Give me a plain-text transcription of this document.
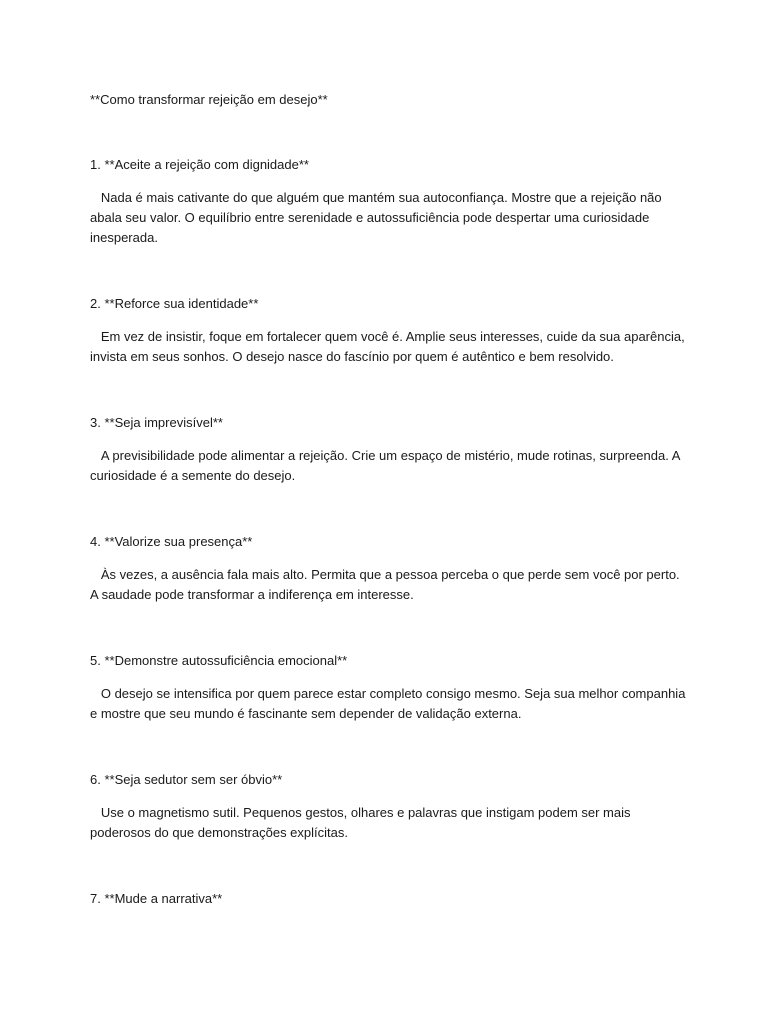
**Como transformar rejeição em desejo**

1. **Aceite a rejeição com dignidade**

Nada é mais cativante do que alguém que mantém sua autoconfiança. Mostre que a rejeição não abala seu valor. O equilíbrio entre serenidade e autossuficiência pode despertar uma curiosidade inesperada.

2. **Reforce sua identidade**

Em vez de insistir, foque em fortalecer quem você é. Amplie seus interesses, cuide da sua aparência, invista em seus sonhos. O desejo nasce do fascínio por quem é autêntico e bem resolvido.

3. **Seja imprevisível**

A previsibilidade pode alimentar a rejeição. Crie um espaço de mistério, mude rotinas, surpreenda. A curiosidade é a semente do desejo.

4. **Valorize sua presença**

Às vezes, a ausência fala mais alto. Permita que a pessoa perceba o que perde sem você por perto. A saudade pode transformar a indiferença em interesse.

5. **Demonstre autossuficiência emocional**

O desejo se intensifica por quem parece estar completo consigo mesmo. Seja sua melhor companhia e mostre que seu mundo é fascinante sem depender de validação externa.

6. **Seja sedutor sem ser óbvio**

Use o magnetismo sutil. Pequenos gestos, olhares e palavras que instigam podem ser mais poderosos do que demonstrações explícitas.

7. **Mude a narrativa**
